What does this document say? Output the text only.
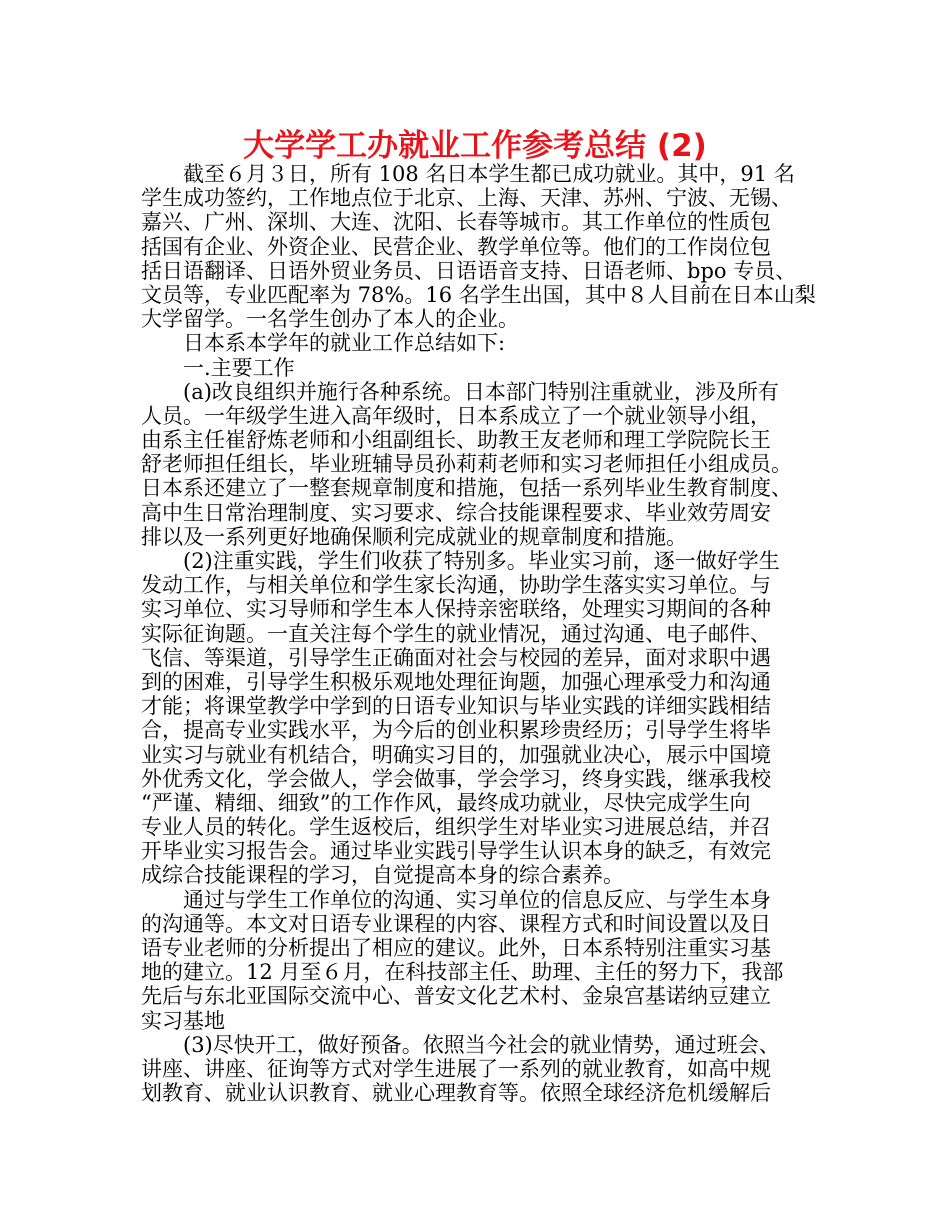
大学学工办就业工作参考总结 (2)
截至６月３日，所有 108 名日本学生都已成功就业。其中，91 名
学生成功签约，工作地点位于北京、上海、天津、苏州、宁波、无锡、
嘉兴、广州、深圳、大连、沈阳、长春等城市。其工作单位的性质包
括国有企业、外资企业、民营企业、教学单位等。他们的工作岗位包
括日语翻译、日语外贸业务员、日语语音支持、日语老师、bpo 专员、
文员等，专业匹配率为 78%。16 名学生出国，其中８人目前在日本山梨
大学留学。一名学生创办了本人的企业。
日本系本学年的就业工作总结如下:
一.主要工作
(a)改良组织并施行各种系统。日本部门特别注重就业，涉及所有
人员。一年级学生进入高年级时，日本系成立了一个就业领导小组，
由系主任崔舒炼老师和小组副组长、助教王友老师和理工学院院长王
舒老师担任组长，毕业班辅导员孙莉莉老师和实习老师担任小组成员。
日本系还建立了一整套规章制度和措施，包括一系列毕业生教育制度、
高中生日常治理制度、实习要求、综合技能课程要求、毕业效劳周安
排以及一系列更好地确保顺利完成就业的规章制度和措施。
(2)注重实践，学生们收获了特别多。毕业实习前，逐一做好学生
发动工作，与相关单位和学生家长沟通，协助学生落实实习单位。与
实习单位、实习导师和学生本人保持亲密联络，处理实习期间的各种
实际征询题。一直关注每个学生的就业情况，通过沟通、电子邮件、
飞信、等渠道，引导学生正确面对社会与校园的差异，面对求职中遇
到的困难，引导学生积极乐观地处理征询题，加强心理承受力和沟通
才能；将课堂教学中学到的日语专业知识与毕业实践的详细实践相结
合，提高专业实践水平，为今后的创业积累珍贵经历；引导学生将毕
业实习与就业有机结合，明确实习目的，加强就业决心，展示中国境
外优秀文化，学会做人，学会做事，学会学习，终身实践，继承我校
“严谨、精细、细致”的工作作风，最终成功就业，尽快完成学生向
专业人员的转化。学生返校后，组织学生对毕业实习进展总结，并召
开毕业实习报告会。通过毕业实践引导学生认识本身的缺乏，有效完
成综合技能课程的学习，自觉提高本身的综合素养。
通过与学生工作单位的沟通、实习单位的信息反应、与学生本身
的沟通等。本文对日语专业课程的内容、课程方式和时间设置以及日
语专业老师的分析提出了相应的建议。此外，日本系特别注重实习基
地的建立。12 月至６月，在科技部主任、助理、主任的努力下，我部
先后与东北亚国际交流中心、普安文化艺术村、金泉宫基诺纳豆建立
实习基地
(3)尽快开工，做好预备。依照当今社会的就业情势，通过班会、
讲座、讲座、征询等方式对学生进展了一系列的就业教育，如高中规
划教育、就业认识教育、就业心理教育等。依照全球经济危机缓解后
